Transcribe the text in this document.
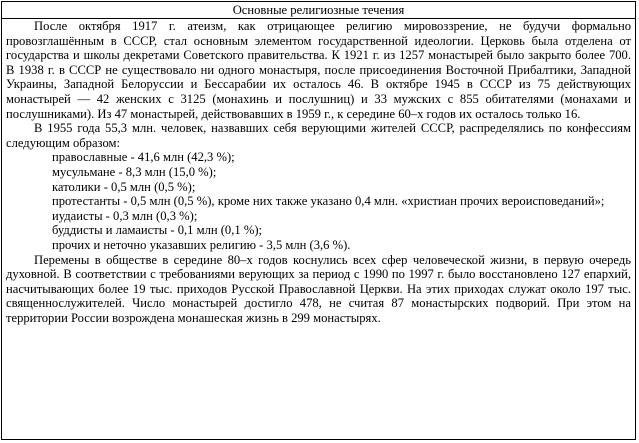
Основные религиозные течения

После октября 1917 г. атеизм, как отрицающее религию мировоззрение, не будучи формально провозглашённым в СССР, стал основным элементом государственной идеологии. Церковь была отделена от государства и школы декретами Советского правительства. К 1921 г. из 1257 монастырей было закрыто более 700. В 1938 г. в СССР не существовало ни одного монастыря, после присоединения Восточной Прибалтики, Западной Украины, Западной Белоруссии и Бессарабии их осталось 46. В октябре 1945 в СССР из 75 действующих монастырей — 42 женских с 3125 (монахинь и послушниц) и 33 мужских с 855 обитателями (монахами и послушниками). Из 47 монастырей, действовавших в 1959 г., к середине 60–х годов их осталось только 16.

В 1955 года 55,3 млн. человек, назвавших себя верующими жителей СССР, распределялись по конфессиям следующим образом:

православные - 41,6 млн (42,3 %);

мусульмане - 8,3 млн (15,0 %);

католики - 0,5 млн (0,5 %);

протестанты - 0,5 млн (0,5 %), кроме них также указано 0,4 млн. «христиан прочих вероисповеданий»;

иудаисты - 0,3 млн (0,3 %);

буддисты и ламаисты - 0,1 млн (0,1 %);

прочих и неточно указавших религию - 3,5 млн (3,6 %).

Перемены в обществе в середине 80–х годов коснулись всех сфер человеческой жизни, в первую очередь духовной. В соответствии с требованиями верующих за период с 1990 по 1997 г. было восстановлено 127 епархий, насчитывающих более 19 тыс. приходов Русской Православной Церкви. На этих приходах служат около 197 тыс. священнослужителей. Число монастырей достигло 478, не считая 87 монастырских подворий. При этом на территории России возрождена монашеская жизнь в 299 монастырях.
